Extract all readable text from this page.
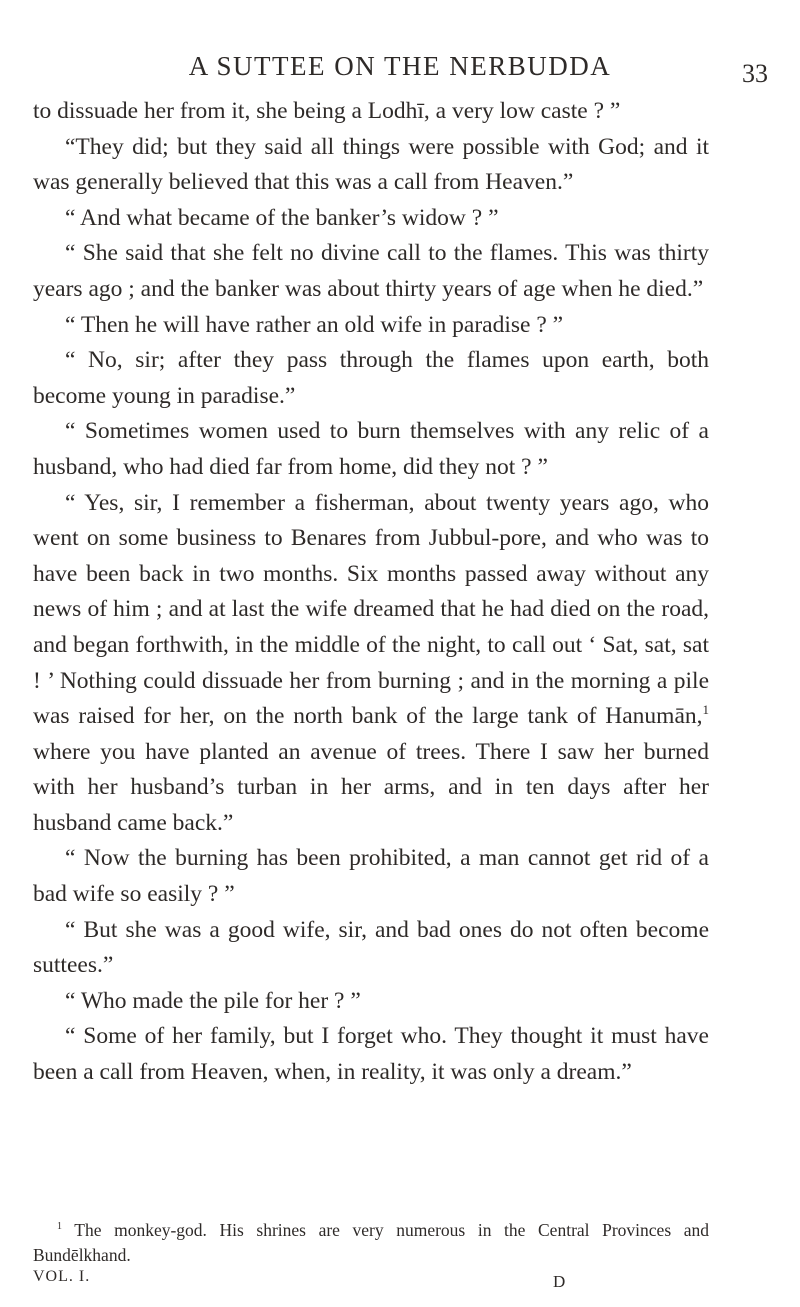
A SUTTEE ON THE NERBUDDA	33

to dissuade her from it, she being a Lodhī, a very low caste ? ”

“They did; but they said all things were possible with God; and it was generally believed that this was a call from Heaven.”

“ And what became of the banker’s widow ? ”

“ She said that she felt no divine call to the flames. This was thirty years ago ; and the banker was about thirty years of age when he died.”

“ Then he will have rather an old wife in paradise ? ”

“ No, sir; after they pass through the flames upon earth, both become young in paradise.”

“ Sometimes women used to burn themselves with any relic of a husband, who had died far from home, did they not ? ”

“ Yes, sir, I remember a fisherman, about twenty years ago, who went on some business to Benares from Jubbul-pore, and who was to have been back in two months. Six months passed away without any news of him ; and at last the wife dreamed that he had died on the road, and began forthwith, in the middle of the night, to call out ‘ Sat, sat, sat ! ’ Nothing could dissuade her from burning ; and in the morning a pile was raised for her, on the north bank of the large tank of Hanumān,$^1$ where you have planted an avenue of trees. There I saw her burned with her husband’s turban in her arms, and in ten days after her husband came back.”

“ Now the burning has been prohibited, a man cannot get rid of a bad wife so easily ? ”

“ But she was a good wife, sir, and bad ones do not often become suttees.”

“ Who made the pile for her ? ”

“ Some of her family, but I forget who. They thought it must have been a call from Heaven, when, in reality, it was only a dream.”

$^1$ The monkey-god. His shrines are very numerous in the Central Provinces and Bundēlkhand.
VOL. I.	D
